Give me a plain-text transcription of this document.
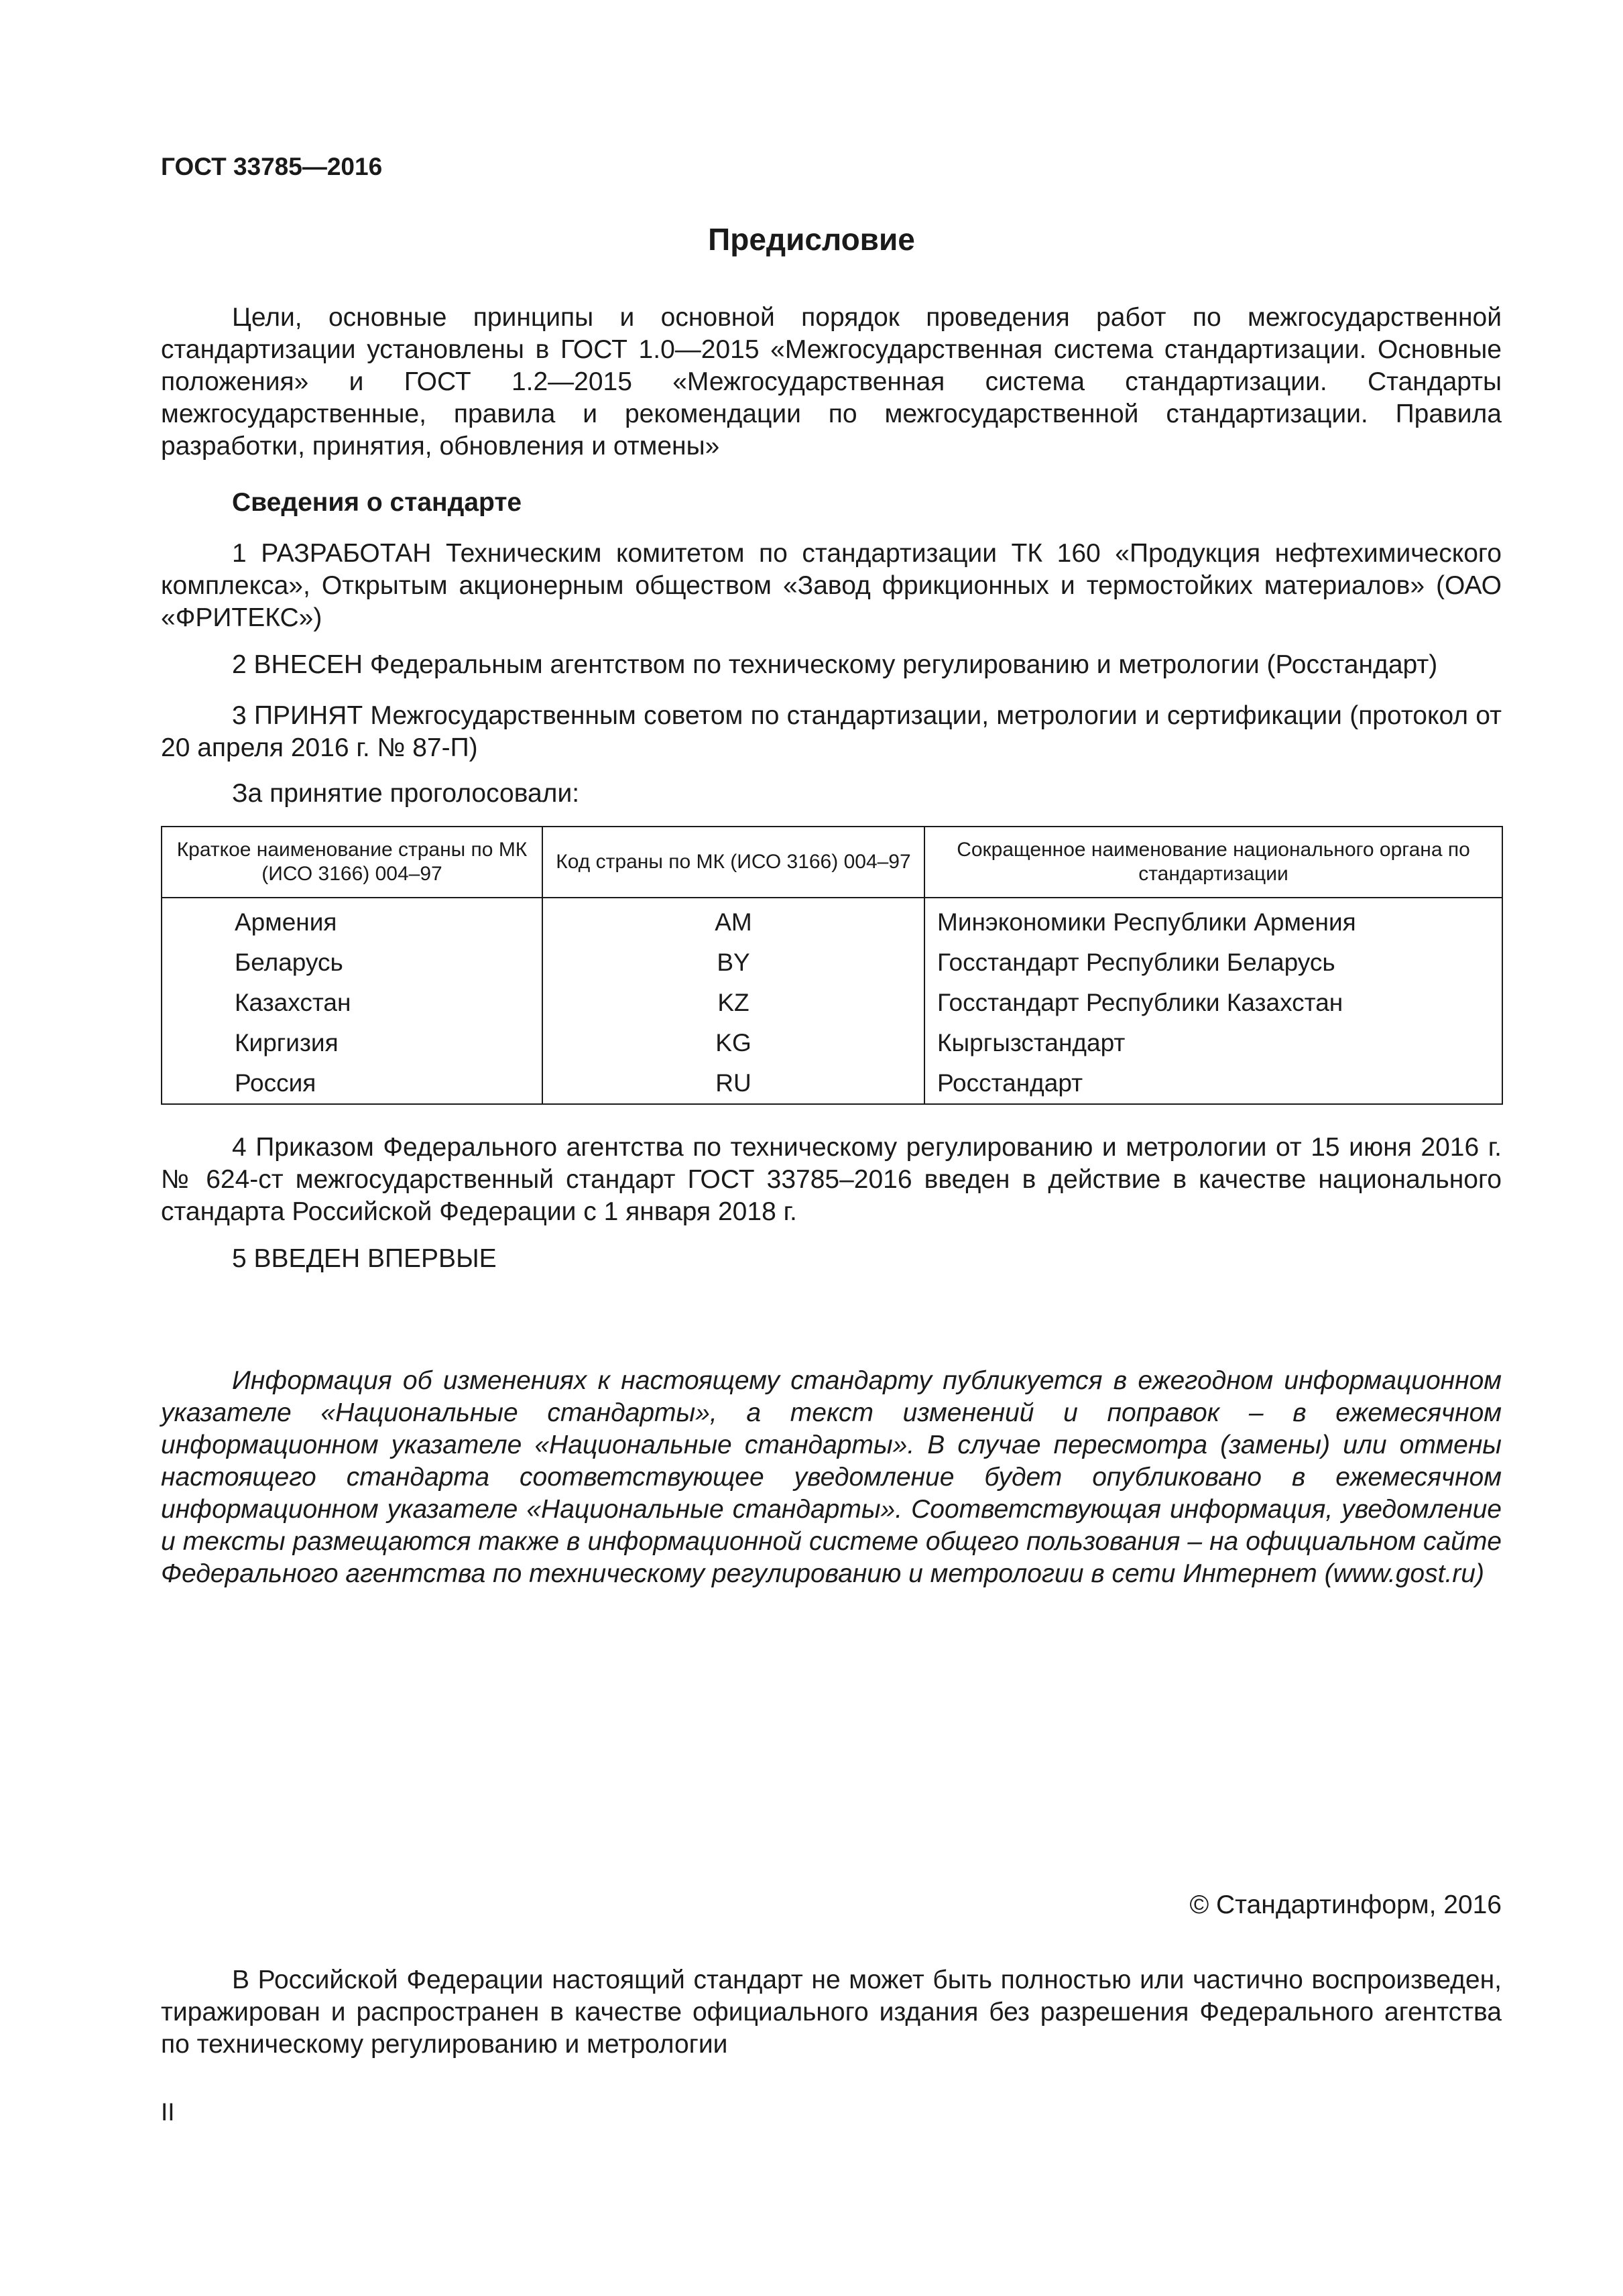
ГОСТ 33785—2016
Предисловие

Цели, основные принципы и основной порядок проведения работ по межгосударственной стандартизации установлены в ГОСТ 1.0—2015 «Межгосударственная система стандартизации. Основные положения» и ГОСТ 1.2—2015 «Межгосударственная система стандартизации. Стандарты межгосударственные, правила и рекомендации по межгосударственной стандартизации. Правила разработки, принятия, обновления и отмены»

Сведения о стандарте

1 РАЗРАБОТАН Техническим комитетом по стандартизации ТК 160 «Продукция нефтехимического комплекса», Открытым акционерным обществом «Завод фрикционных и термостойких материалов» (ОАО «ФРИТЕКС»)

2 ВНЕСЕН Федеральным агентством по техническому регулированию и метрологии (Росстандарт)

3 ПРИНЯТ Межгосударственным советом по стандартизации, метрологии и сертификации (протокол от 20 апреля 2016 г. № 87-П)

За принятие проголосовали:

Краткое наименование страны по МК (ИСО 3166) 004–97	Код страны по МК (ИСО 3166) 004–97	Сокращенное наименование национального органа по стандартизации
Армения	AM	Минэкономики Республики Армения
Беларусь	BY	Госстандарт Республики Беларусь
Казахстан	KZ	Госстандарт Республики Казахстан
Киргизия	KG	Кыргызстандарт
Россия	RU	Росстандарт

4 Приказом Федерального агентства по техническому регулированию и метрологии от 15 июня 2016 г. № 624-ст межгосударственный стандарт ГОСТ 33785–2016 введен в действие в качестве национального стандарта Российской Федерации с 1 января 2018 г.

5 ВВЕДЕН ВПЕРВЫЕ

Информация об изменениях к настоящему стандарту публикуется в ежегодном информационном указателе «Национальные стандарты», а текст изменений и поправок – в ежемесячном информационном указателе «Национальные стандарты». В случае пересмотра (замены) или отмены настоящего стандарта соответствующее уведомление будет опубликовано в ежемесячном информационном указателе «Национальные стандарты». Соответствующая информация, уведомление и тексты размещаются также в информационной системе общего пользования – на официальном сайте Федерального агентства по техническому регулированию и метрологии в сети Интернет (www.gost.ru)

© Стандартинформ, 2016

В Российской Федерации настоящий стандарт не может быть полностью или частично воспроизведен, тиражирован и распространен в качестве официального издания без разрешения Федерального агентства по техническому регулированию и метрологии

II
